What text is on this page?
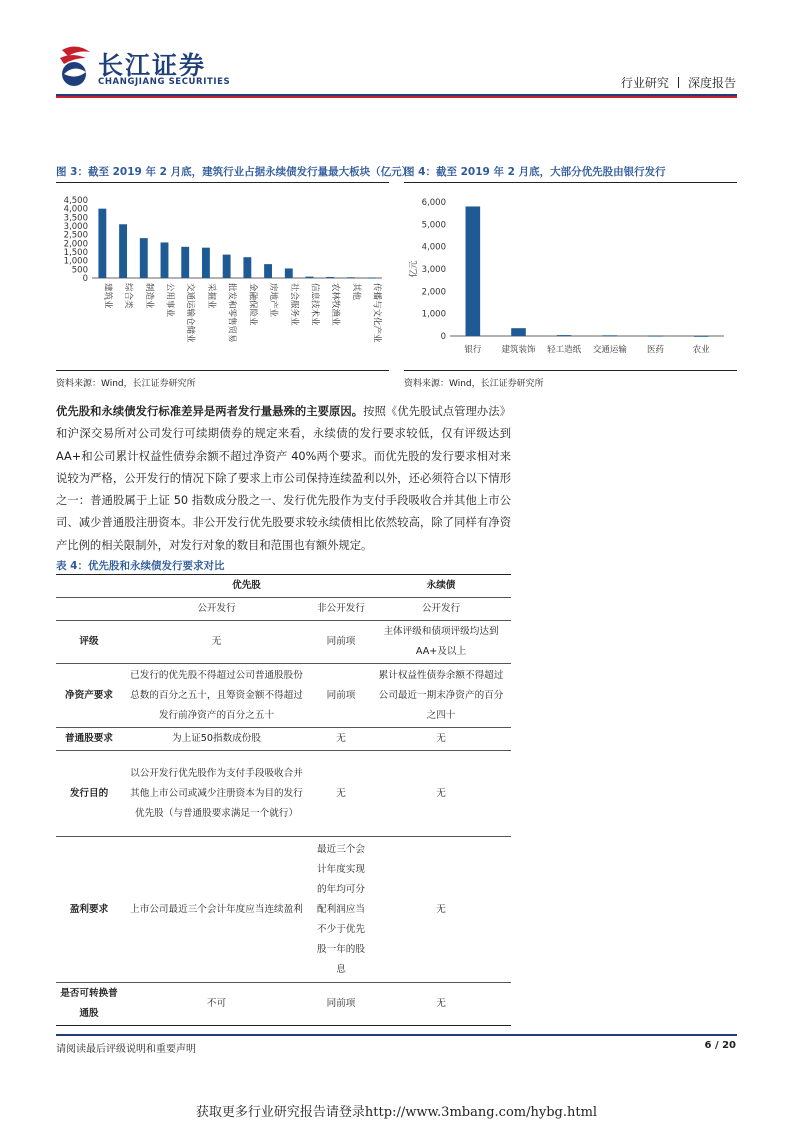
长江证券
CHANGJIANG SECURITIES	行业研究 深度报告
图 3：截至 2019 年 2 月底，建筑行业占据永续债发行量最大板块（亿元）
0
500
1,000
1,500
2,000
2,500
3,000
3,500
4,000
4,500
建筑业 综合类 制造业 公用事业 交通运输仓储业 采掘业 批发和零售贸易 金融保险业 房地产业 社会服务业 信息技术业 农林牧渔业 其他 传播与文化产业
资料来源：Wind，长江证券研究所
图 4：截至 2019 年 2 月底，大部分优先股由银行发行
0
1,000
2,000
3,000
4,000
5,000
6,000
银行 建筑装饰 轻工造纸 交通运输 医药	农业
亿元
资料来源：Wind，长江证券研究所
优先股和永续债发行标准差异是两者发行量悬殊的主要原因。按照《优先股试点管理办法》和沪深交易所对公司发行可续期债券的规定来看，永续债的发行要求较低，仅有评级达到 AA+和公司累计权益性债券余额不超过净资产 40%两个要求。而优先股的发行要求相对来说较为严格，公开发行的情况下除了要求上市公司保持连续盈利以外，还必须符合以下情形之一：普通股属于上证 50 指数成分股之一、发行优先股作为支付手段吸收合并其他上市公司、减少普通股注册资本。非公开发行优先股要求较永续债相比依然较高，除了同样有净资产比例的相关限制外，对发行对象的数目和范围也有额外规定。
表 4：优先股和永续债发行要求对比
	优先股		永续债
	公开发行	非公开发行	公开发行
评级	无	同前项	主体评级和债项评级均达到 AA+及以上
净资产要求	已发行的优先股不得超过公司普通股股份总数的百分之五十，且筹资金额不得超过发行前净资产的百分之五十	同前项	累计权益性债券余额不得超过公司最近一期末净资产的百分之四十
普通股要求	为上证50指数成份股	无	无
发行目的	以公开发行优先股作为支付手段吸收合并其他上市公司或减少注册资本为目的发行优先股（与普通股要求满足一个就行）	无	无
盈利要求	上市公司最近三个会计年度应当连续盈利	最近三个会计年度实现的年均可分配利润应当不少于优先股一年的股息	无
是否可转换普通股	不可	同前项	无
请阅读最后评级说明和重要声明	6 / 20
获取更多行业研究报告请登录http://www.3mbang.com/hybg.html
